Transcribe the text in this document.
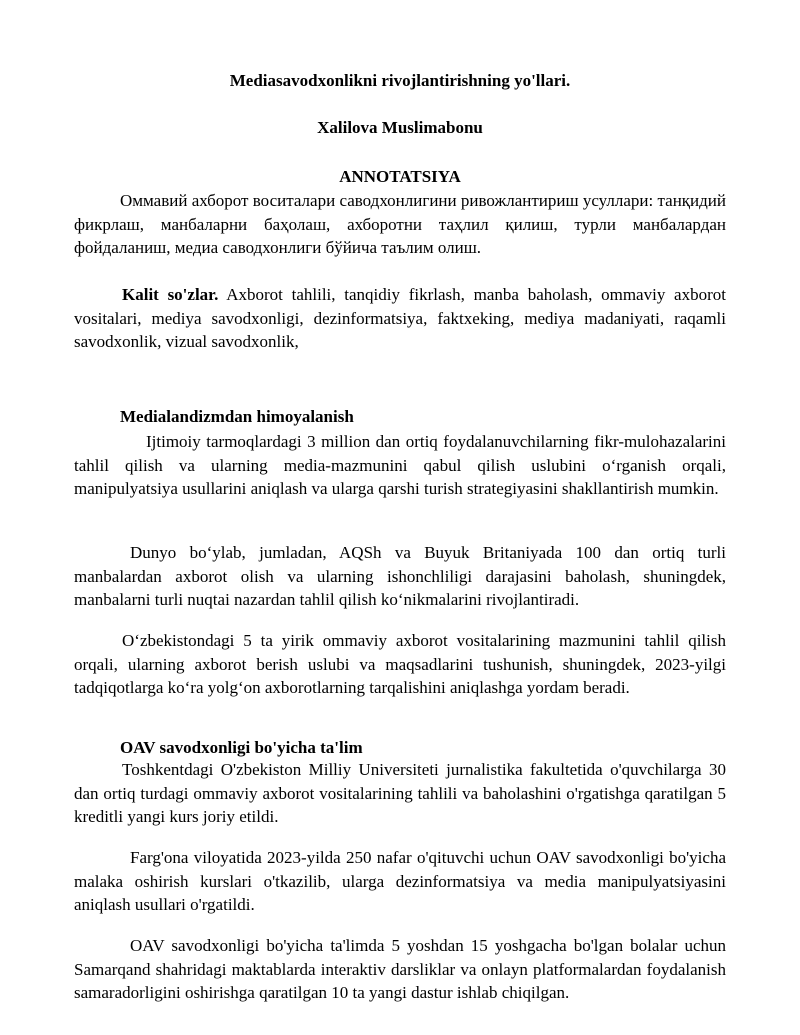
Mediasavodxonlikni rivojlantirishning yo'llari.
Xalilova Muslimabonu
ANNOTATSIYA

Оммавий ахборот воситалари саводхонлигини ривожлантириш усуллари: танқидий фикрлаш, манбаларни баҳолаш, ахборотни таҳлил қилиш, турли манбалардан фойдаланиш, медиа саводхонлиги бўйича таълим олиш.

Kalit so'zlar. Axborot tahlili, tanqidiy fikrlash, manba baholash, ommaviy axborot vositalari, mediya savodxonligi, dezinformatsiya, faktxeking, mediya madaniyati, raqamli savodxonlik, vizual savodxonlik,

Medialandizmdan himoyalanish

Ijtimoiy tarmoqlardagi 3 million dan ortiq foydalanuvchilarning fikr-mulohazalarini tahlil qilish va ularning media-mazmunini qabul qilish uslubini o‘rganish orqali, manipulyatsiya usullarini aniqlash va ularga qarshi turish strategiyasini shakllantirish mumkin.

Dunyo bo‘ylab, jumladan, AQSh va Buyuk Britaniyada 100 dan ortiq turli manbalardan axborot olish va ularning ishonchliligi darajasini baholash, shuningdek, manbalarni turli nuqtai nazardan tahlil qilish ko‘nikmalarini rivojlantiradi.

O‘zbekistondagi 5 ta yirik ommaviy axborot vositalarining mazmunini tahlil qilish orqali, ularning axborot berish uslubi va maqsadlarini tushunish, shuningdek, 2023-yilgi tadqiqotlarga ko‘ra yolg‘on axborotlarning tarqalishini aniqlashga yordam beradi.

OAV savodxonligi bo'yicha ta'lim

Toshkentdagi O'zbekiston Milliy Universiteti jurnalistika fakultetida o'quvchilarga 30 dan ortiq turdagi ommaviy axborot vositalarining tahlili va baholashini o'rgatishga qaratilgan 5 kreditli yangi kurs joriy etildi.

Farg'ona viloyatida 2023-yilda 250 nafar o'qituvchi uchun OAV savodxonligi bo'yicha malaka oshirish kurslari o'tkazilib, ularga dezinformatsiya va media manipulyatsiyasini aniqlash usullari o'rgatildi.

OAV savodxonligi bo'yicha ta'limda 5 yoshdan 15 yoshgacha bo'lgan bolalar uchun Samarqand shahridagi maktablarda interaktiv darsliklar va onlayn platformalardan foydalanish samaradorligini oshirishga qaratilgan 10 ta yangi dastur ishlab chiqilgan.
